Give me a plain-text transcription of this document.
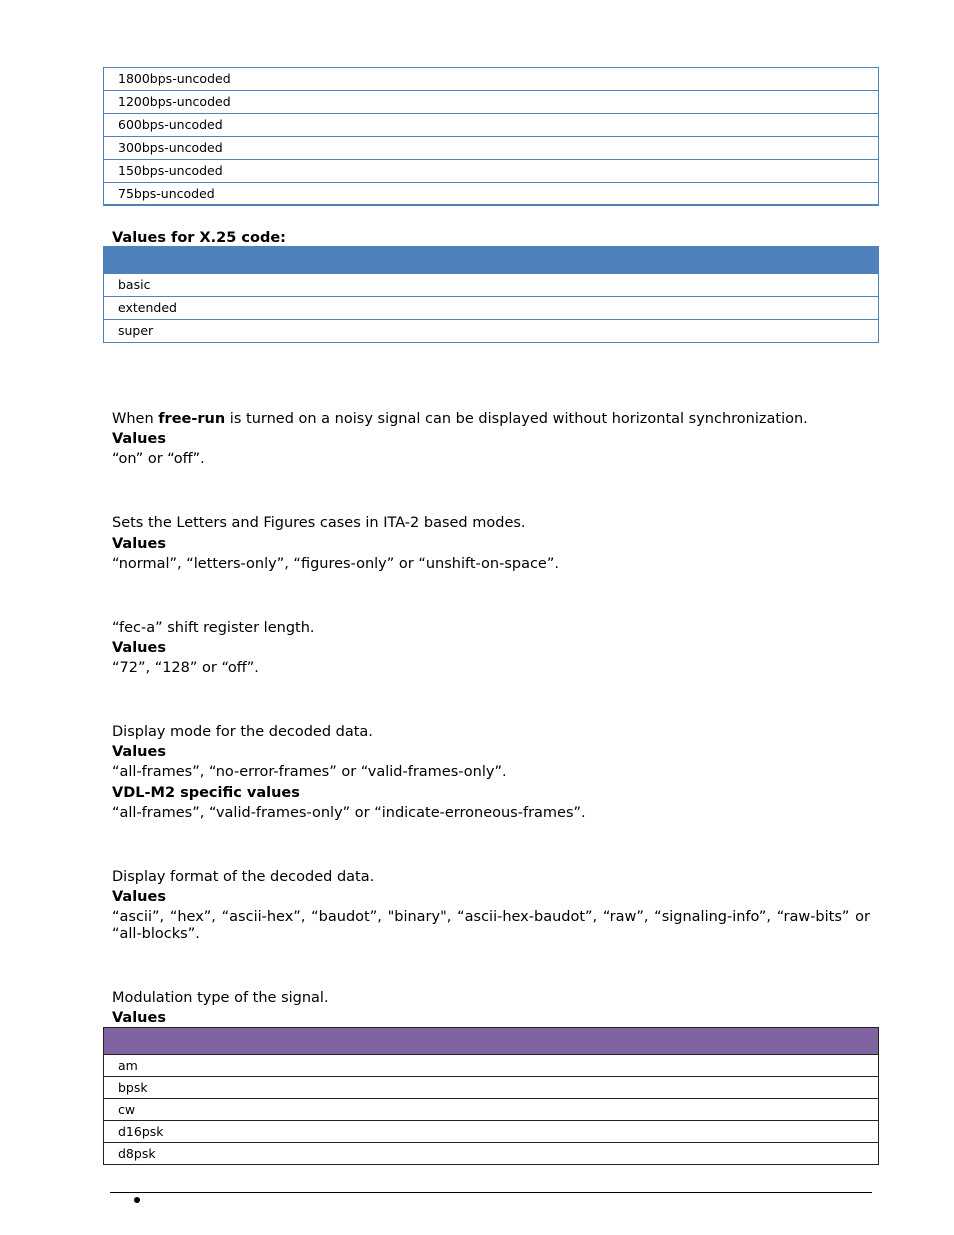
1800bps-uncoded
1200bps-uncoded
600bps-uncoded
300bps-uncoded
150bps-uncoded
75bps-uncoded
Values for X.25 code:
basic
extended
super
When free-run is turned on a noisy signal can be displayed without horizontal synchronization.
Values
“on” or “off”.
Sets the Letters and Figures cases in ITA-2 based modes.
Values
“normal”, “letters-only”, “figures-only” or “unshift-on-space”.
“fec-a” shift register length.
Values
“72”, “128” or “off”.
Display mode for the decoded data.
Values
“all-frames”, “no-error-frames” or “valid-frames-only”.
VDL-M2 specific values
“all-frames”, “valid-frames-only” or “indicate-erroneous-frames”.
Display format of the decoded data.
Values
“ascii”, “hex”, “ascii-hex”, “baudot”, "binary", “ascii-hex-baudot”, “raw”, “signaling-info”, “raw-bits” or “all-blocks”.
Modulation type of the signal.
Values
am
bpsk
cw
d16psk
d8psk
